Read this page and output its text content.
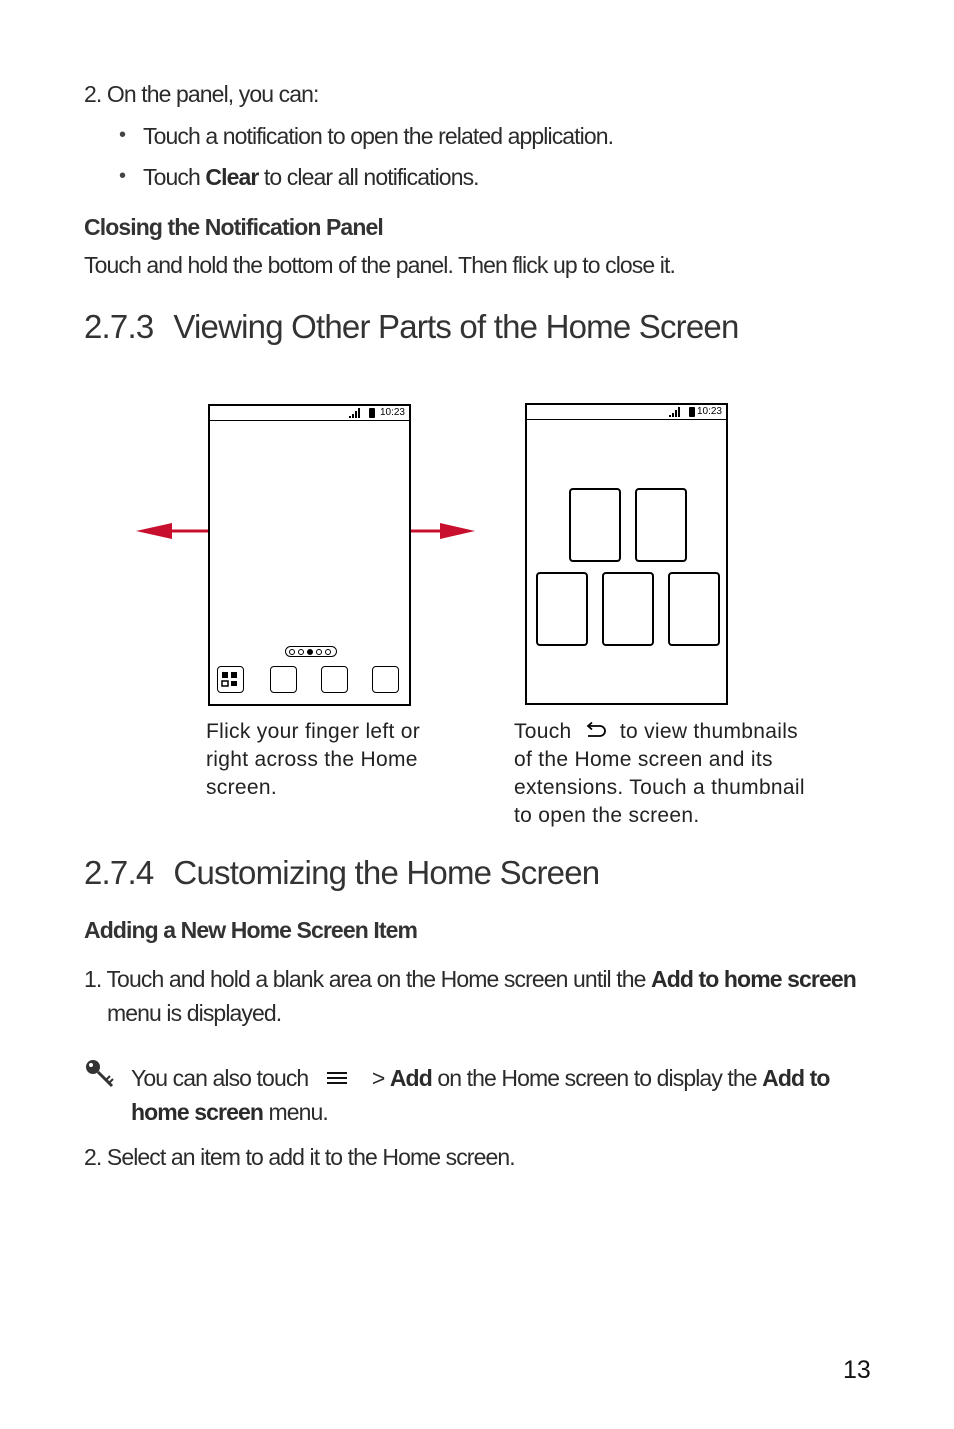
2. On the panel, you can:
• Touch a notification to open the related application.
• Touch Clear to clear all notifications.
Closing the Notification Panel
Touch and hold the bottom of the panel. Then flick up to close it.
2.7.3 Viewing Other Parts of the Home Screen
10:23	10:23
Flick your finger left or
right across the Home
screen.
Touch to view thumbnails
of the Home screen and its
extensions. Touch a thumbnail
to open the screen.
2.7.4 Customizing the Home Screen
Adding a New Home Screen Item
1. Touch and hold a blank area on the Home screen until the Add to home screen
menu is displayed.
You can also touch	> Add on the Home screen to display the Add to
home screen menu.
2. Select an item to add it to the Home screen.
13
